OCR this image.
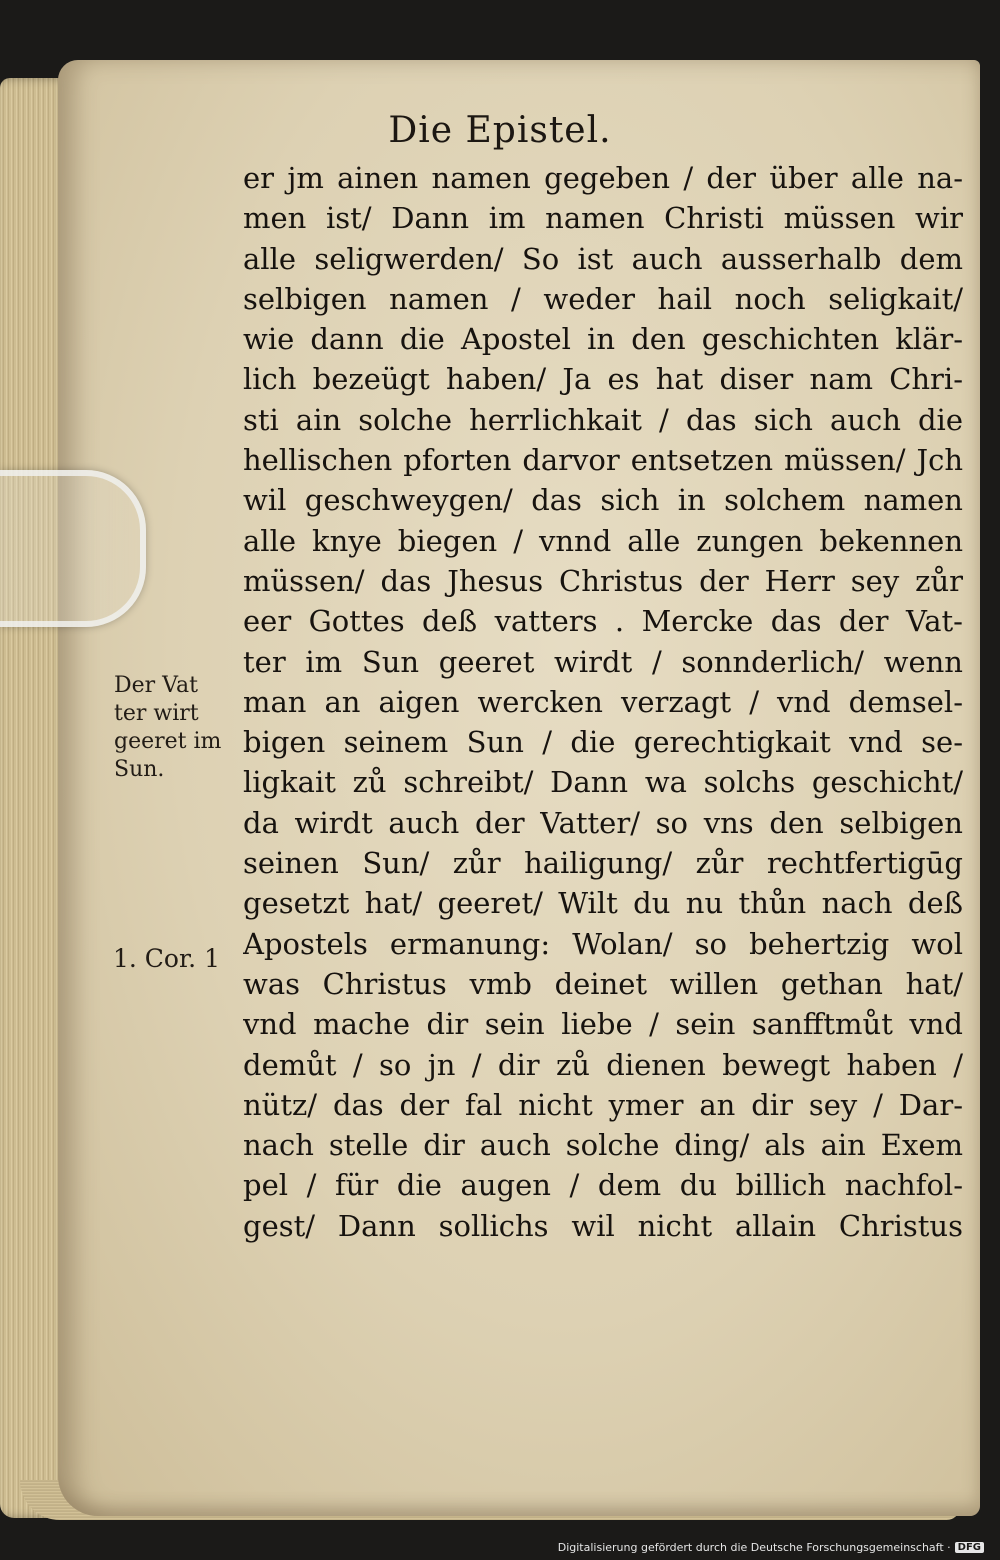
Die Epistel.
er jm ainen namen gegeben / der über alle na-
men ist/ Dann im namen Christi müssen wir
alle seligwerden/ So ist auch ausserhalb dem
selbigen namen / weder hail noch seligkait/
wie dann die Apostel in den geschichten klär-
lich bezeügt haben/ Ja es hat diser nam Chri-
sti ain solche herrlichkait / das sich auch die
hellischen pforten darvor entsetzen müssen/ Jch
wil geschweygen/ das sich in solchem namen
alle knye biegen / vnnd alle zungen bekennen
müssen/ das Jhesus Christus der Herr sey zůr
eer Gottes deß vatters . Mercke das der Vat-
ter im Sun geeret wirdt / sonnderlich/ wenn
man an aigen wercken verzagt / vnd demsel-
bigen seinem Sun / die gerechtigkait vnd se-
ligkait zů schreibt/ Dann wa solchs geschicht/
da wirdt auch der Vatter/ so vns den selbigen
seinen Sun/ zůr hailigung/ zůr rechtfertigūg
gesetzt hat/ geeret/ Wilt du nu thůn nach deß
Apostels ermanung: Wolan/ so behertzig wol
was Christus vmb deinet willen gethan hat/
vnd mache dir sein liebe / sein sanfftmůt vnd
demůt / so jn / dir zů dienen bewegt haben /
nütz/ das der fal nicht ymer an dir sey / Dar-
nach stelle dir auch solche ding/ als ain Exem
pel / für die augen / dem du billich nachfol-
gest/ Dann sollichs wil nicht allain Christus
Der Vat
ter wirt
geeret im
Sun.
1. Cor. 1
Digitalisierung gefördert durch die Deutsche Forschungsgemeinschaft · DFG
